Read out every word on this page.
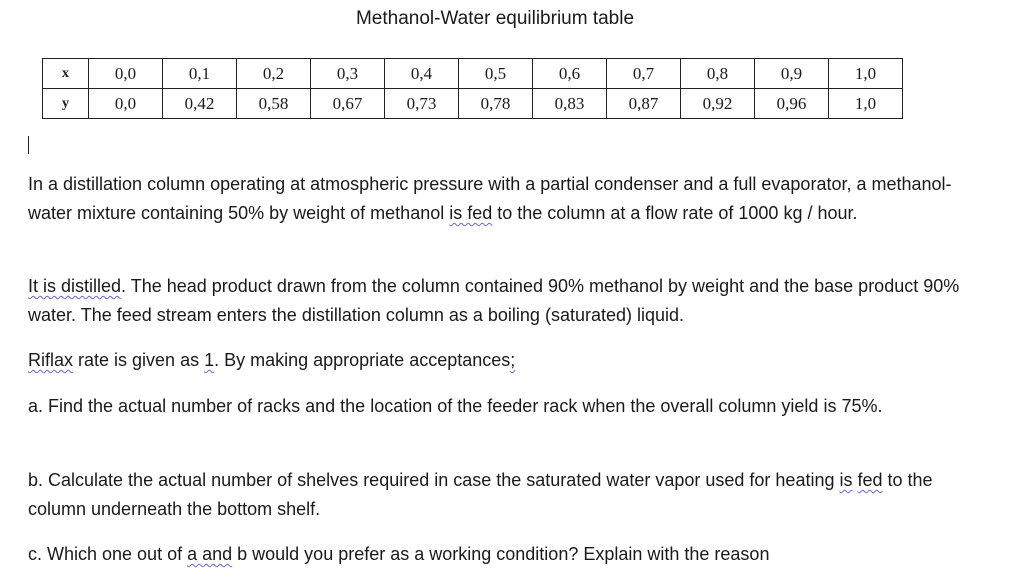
Methanol-Water equilibrium table
x	0,0	0,1	0,2	0,3	0,4	0,5	0,6	0,7	0,8	0,9	1,0
y	0,0	0,42	0,58	0,67	0,73	0,78	0,83	0,87	0,92	0,96	1,0

In a distillation column operating at atmospheric pressure with a partial condenser and a full evaporator, a methanol-water mixture containing 50% by weight of methanol is fed to the column at a flow rate of 1000 kg / hour.

It is distilled. The head product drawn from the column contained 90% methanol by weight and the base product 90% water. The feed stream enters the distillation column as a boiling (saturated) liquid.

Riflax rate is given as 1. By making appropriate acceptances;

a. Find the actual number of racks and the location of the feeder rack when the overall column yield is 75%.

b. Calculate the actual number of shelves required in case the saturated water vapor used for heating is fed to the column underneath the bottom shelf.

c. Which one out of a and b would you prefer as a working condition? Explain with the reason
